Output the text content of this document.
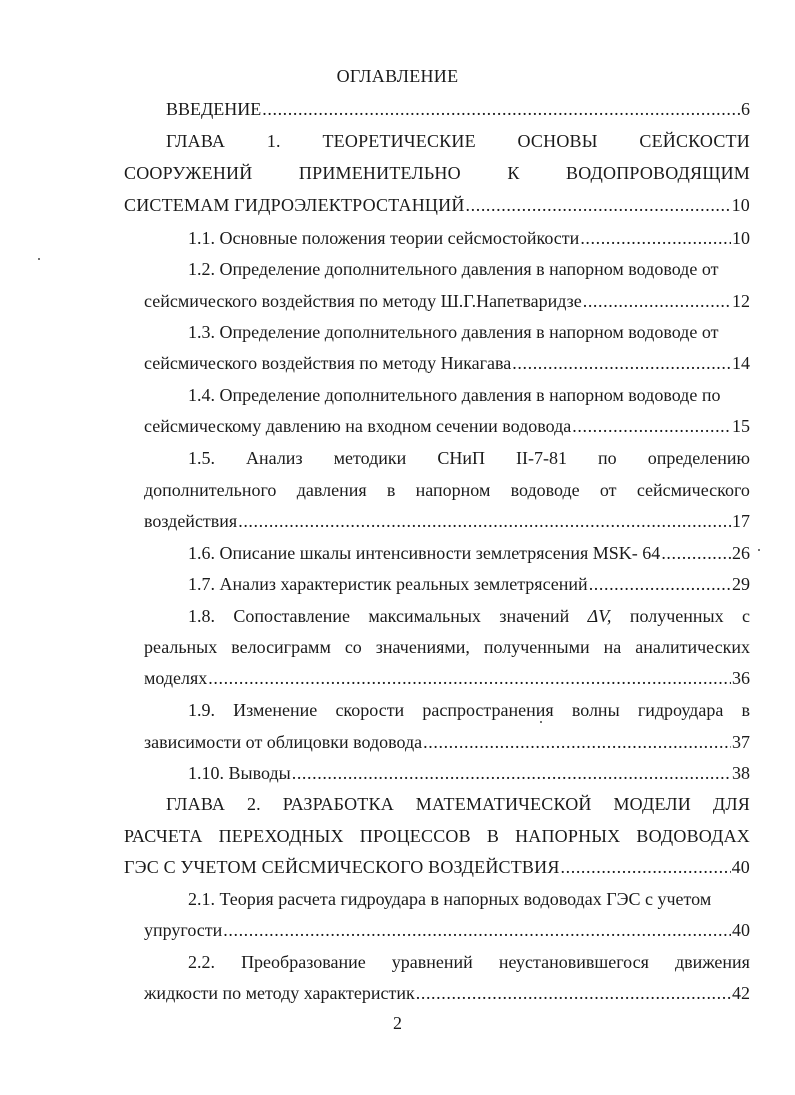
ОГЛАВЛЕНИЕ
ВВЕДЕНИЕ .....	6
ГЛАВА 1. ТЕОРЕТИЧЕСКИЕ ОСНОВЫ СЕЙСКОСТИ
СООРУЖЕНИЙ	ПРИМЕНИТЕЛЬНО	К	ВОДОПРОВОДЯЩИМ
СИСТЕМАМ ГИДРОЭЛЕКТРОСТАНЦИЙ .....	10
1.1. Основные положения теории сейсмостойкости .....	10
1.2. Определение дополнительного давления в напорном водоводе от
сейсмического воздействия по методу Ш.Г.Напетваридзе .....	12
1.3. Определение дополнительного давления в напорном водоводе от
сейсмического воздействия по методу Никагава .....	14
1.4. Определение дополнительного давления в напорном водоводе по
сейсмическому давлению на входном сечении водовода .....	15
1.5. Анализ методики СНиП II-7-81 по определению
дополнительного давления в напорном водоводе от сейсмического
воздействия .....	17
1.6. Описание шкалы интенсивности землетрясения MSK- 64 .....	26
1.7. Анализ характеристик реальных землетрясений .....	29
1.8. Сопоставление максимальных значений ΔV, полученных с
реальных велосиграмм со значениями, полученными на аналитических
моделях .....	36
1.9. Изменение скорости распространения волны гидроудара в
зависимости от облицовки водовода .....	37
1.10. Выводы .....	38
ГЛАВА 2. РАЗРАБОТКА МАТЕМАТИЧЕСКОЙ МОДЕЛИ ДЛЯ
РАСЧЕТА ПЕРЕХОДНЫХ ПРОЦЕССОВ В НАПОРНЫХ ВОДОВОДАХ
ГЭС С УЧЕТОМ СЕЙСМИЧЕСКОГО ВОЗДЕЙСТВИЯ .....	40
2.1. Теория расчета гидроудара в напорных водоводах ГЭС с учетом
упругости .....	40
2.2. Преобразование уравнений неустановившегося движения
жидкости по методу характеристик .....	42
2
